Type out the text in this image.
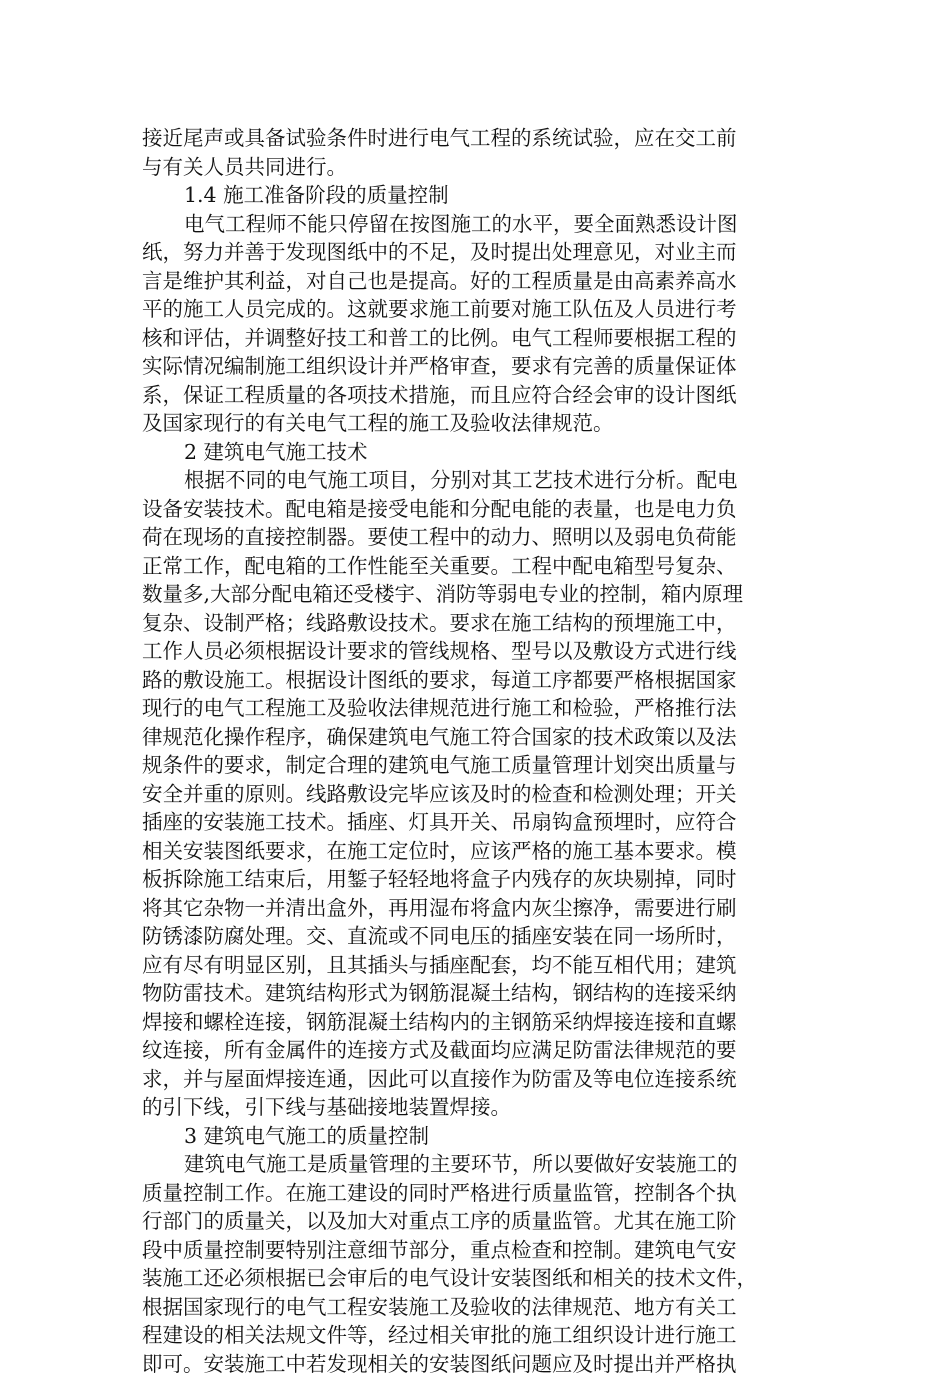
接近尾声或具备试验条件时进行电气工程的系统试验，应在交工前
与有关人员共同进行。
1.4 施工准备阶段的质量控制
电气工程师不能只停留在按图施工的水平，要全面熟悉设计图
纸，努力并善于发现图纸中的不足，及时提出处理意见，对业主而
言是维护其利益，对自己也是提高。好的工程质量是由高素养高水
平的施工人员完成的。这就要求施工前要对施工队伍及人员进行考
核和评估，并调整好技工和普工的比例。电气工程师要根据工程的
实际情况编制施工组织设计并严格审查，要求有完善的质量保证体
系，保证工程质量的各项技术措施，而且应符合经会审的设计图纸
及国家现行的有关电气工程的施工及验收法律规范。
2 建筑电气施工技术
根据不同的电气施工项目，分别对其工艺技术进行分析。配电
设备安装技术。配电箱是接受电能和分配电能的表量，也是电力负
荷在现场的直接控制器。要使工程中的动力、照明以及弱电负荷能
正常工作，配电箱的工作性能至关重要。工程中配电箱型号复杂、
数量多,大部分配电箱还受楼宇、消防等弱电专业的控制，箱内原理
复杂、设制严格；线路敷设技术。要求在施工结构的预埋施工中，
工作人员必须根据设计要求的管线规格、型号以及敷设方式进行线
路的敷设施工。根据设计图纸的要求，每道工序都要严格根据国家
现行的电气工程施工及验收法律规范进行施工和检验，严格推行法
律规范化操作程序，确保建筑电气施工符合国家的技术政策以及法
规条件的要求，制定合理的建筑电气施工质量管理计划突出质量与
安全并重的原则。线路敷设完毕应该及时的检查和检测处理；开关
插座的安装施工技术。插座、灯具开关、吊扇钩盒预埋时，应符合
相关安装图纸要求，在施工定位时，应该严格的施工基本要求。模
板拆除施工结束后，用錾子轻轻地将盒子内残存的灰块剔掉，同时
将其它杂物一并清出盒外，再用湿布将盒内灰尘擦净，需要进行刷
防锈漆防腐处理。交、直流或不同电压的插座安装在同一场所时，
应有尽有明显区别，且其插头与插座配套，均不能互相代用；建筑
物防雷技术。建筑结构形式为钢筋混凝土结构，钢结构的连接采纳
焊接和螺栓连接，钢筋混凝土结构内的主钢筋采纳焊接连接和直螺
纹连接，所有金属件的连接方式及截面均应满足防雷法律规范的要
求，并与屋面焊接连通，因此可以直接作为防雷及等电位连接系统
的引下线，引下线与基础接地装置焊接。
3 建筑电气施工的质量控制
建筑电气施工是质量管理的主要环节，所以要做好安装施工的
质量控制工作。在施工建设的同时严格进行质量监管，控制各个执
行部门的质量关，以及加大对重点工序的质量监管。尤其在施工阶
段中质量控制要特别注意细节部分，重点检查和控制。建筑电气安
装施工还必须根据已会审后的电气设计安装图纸和相关的技术文件，
根据国家现行的电气工程安装施工及验收的法律规范、地方有关工
程建设的相关法规文件等，经过相关审批的施工组织设计进行施工
即可。安装施工中若发现相关的安装图纸问题应及时提出并严格执
